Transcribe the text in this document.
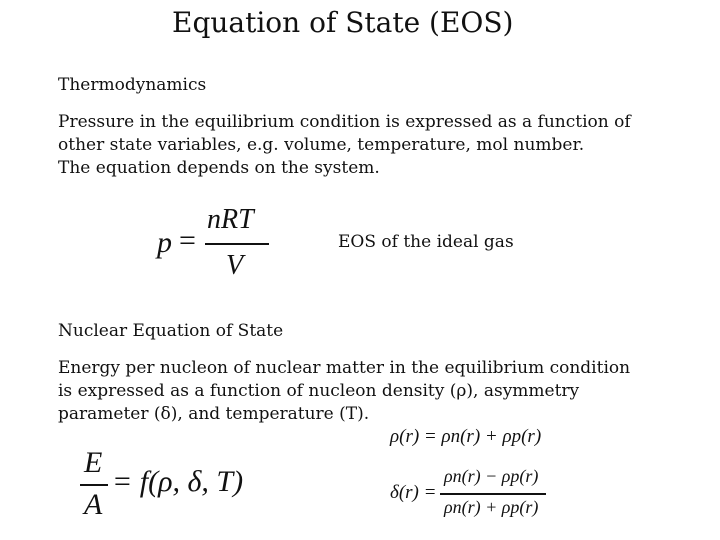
Equation of State (EOS)
Thermodynamics
Pressure in the equilibrium condition is expressed as a function of
other state variables, e.g. volume, temperature, mol number.
The equation depends on the system.
p =
nRT
V
EOS of the ideal gas
Nuclear Equation of State
Energy per nucleon of nuclear matter in the equilibrium condition
is expressed as a function of nucleon density (ρ), asymmetry
parameter (δ), and temperature (T).
E
A
= f(ρ, δ, T)
ρ(r) = ρn(r) + ρp(r)
δ(r) =
ρn(r) − ρp(r)
ρn(r) + ρp(r)
